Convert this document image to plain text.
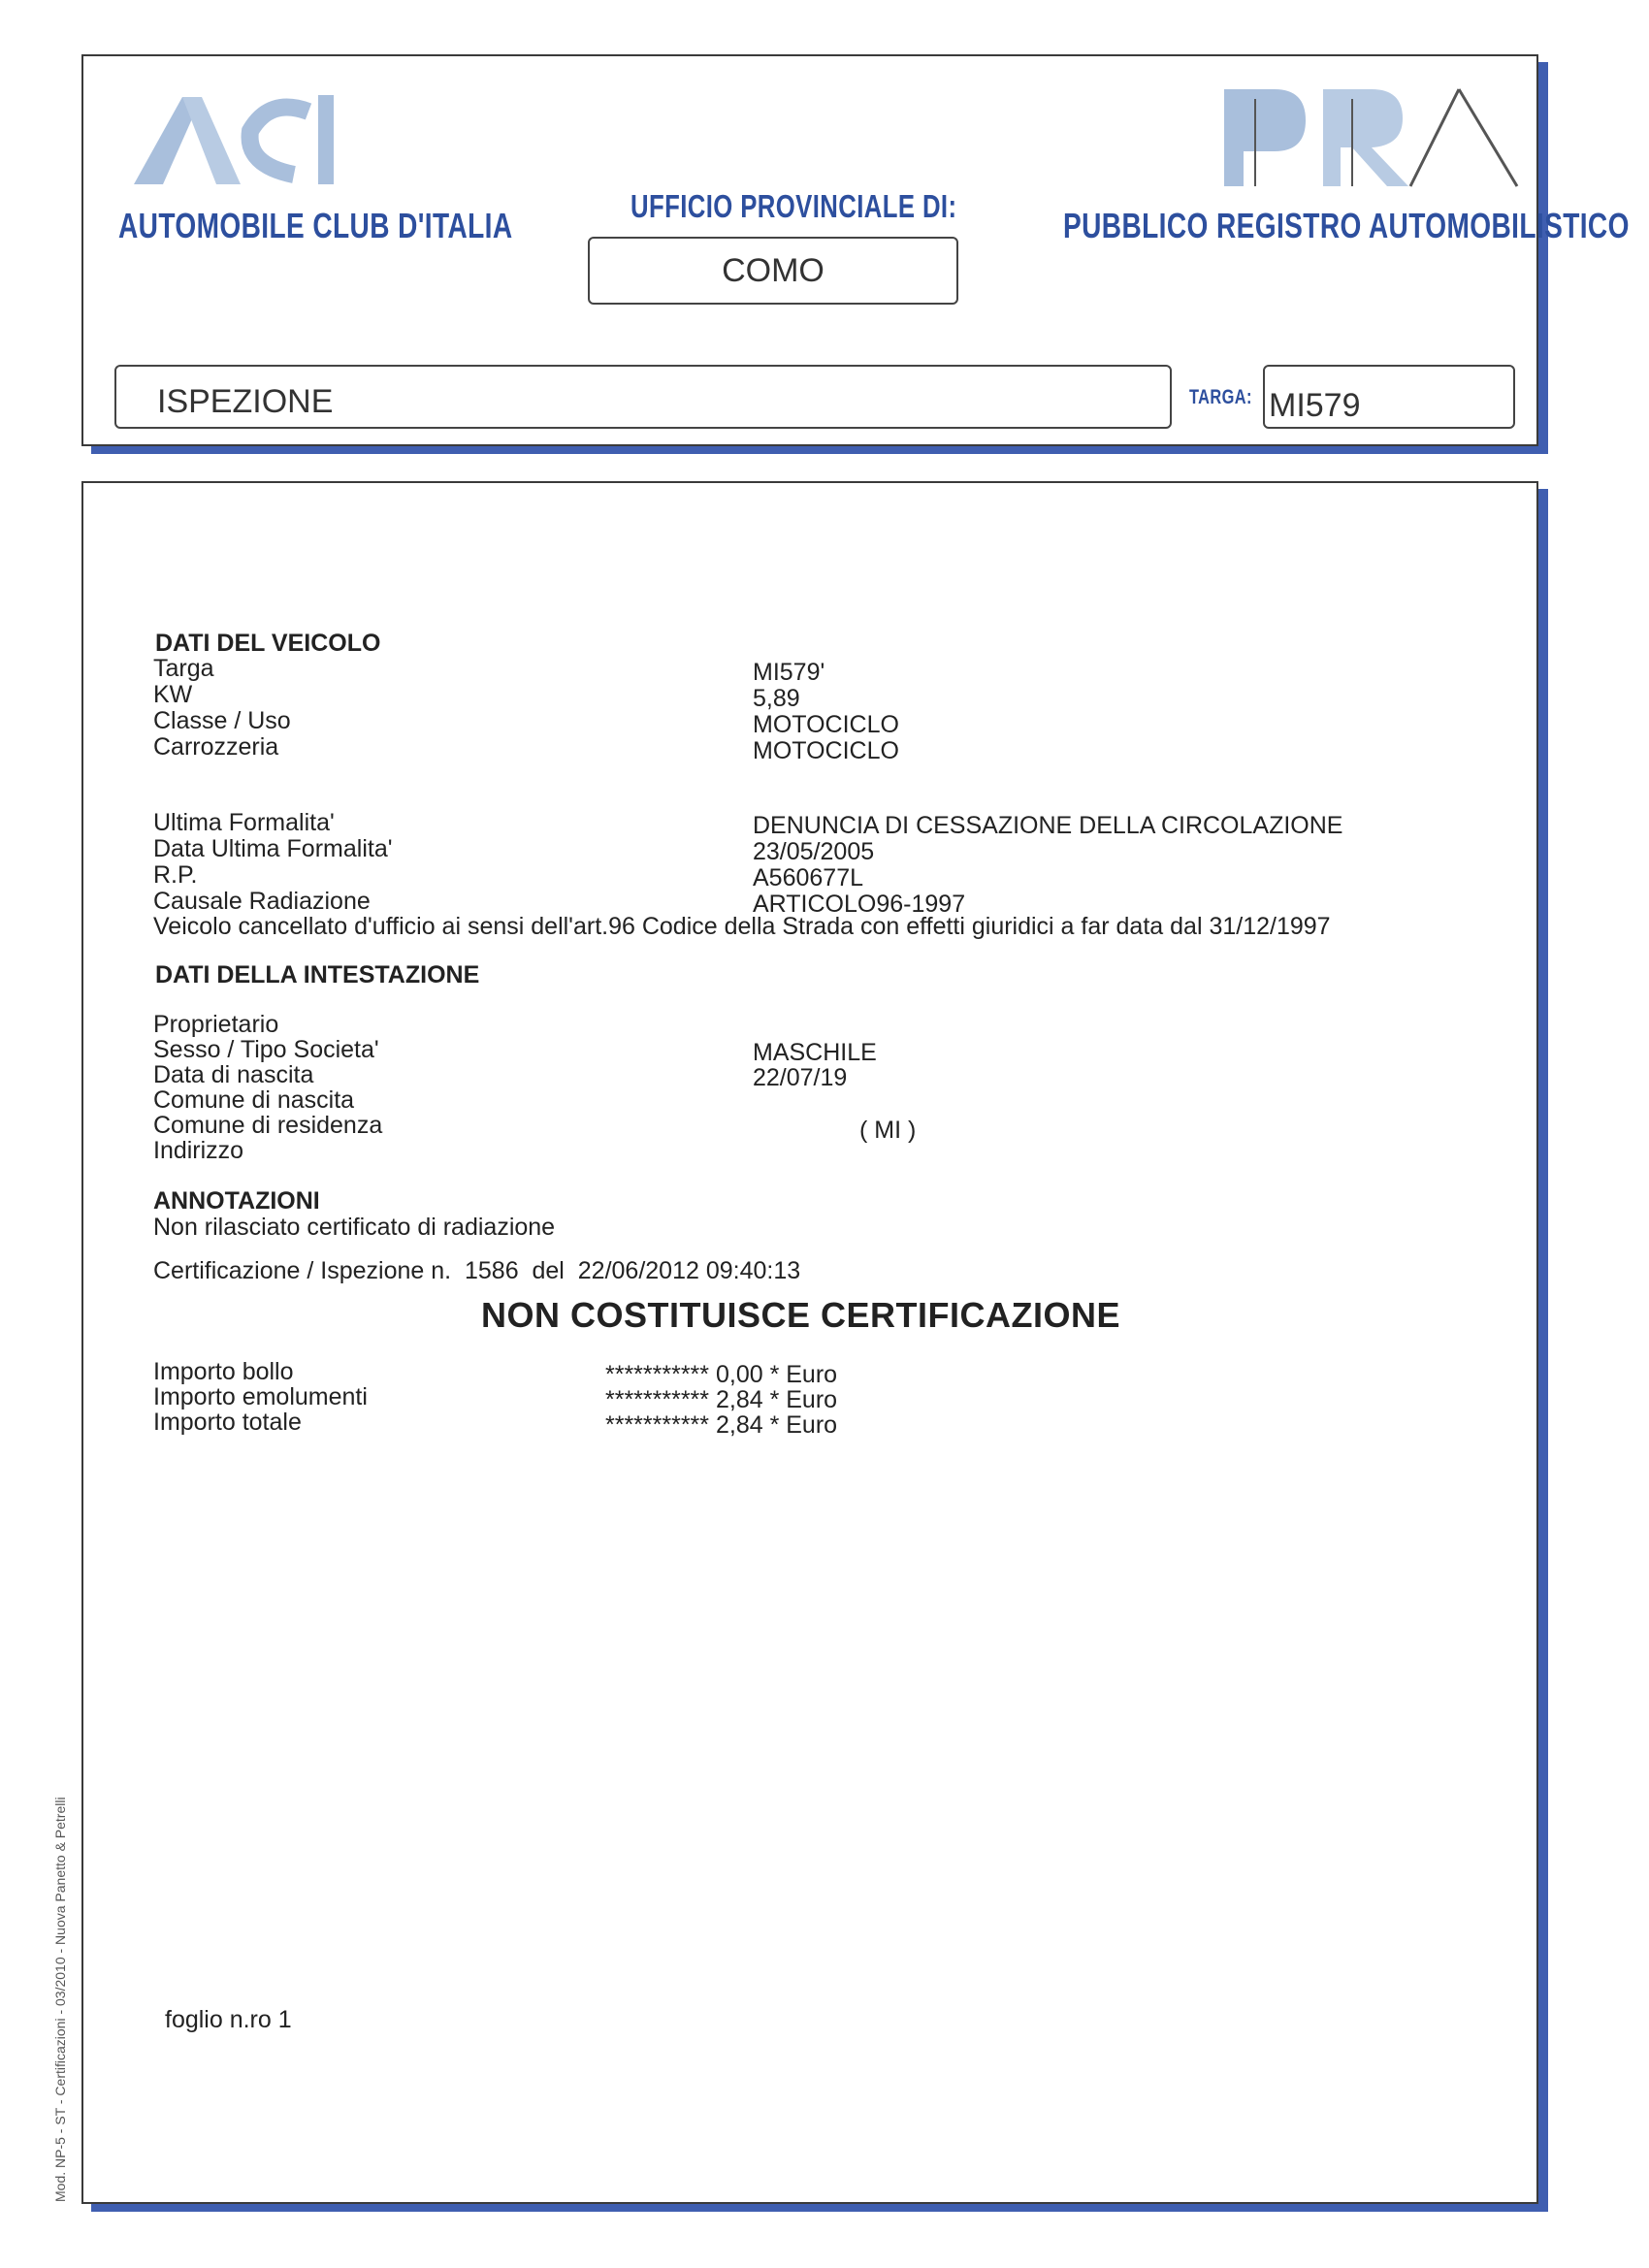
AUTOMOBILE CLUB D'ITALIA	UFFICIO PROVINCIALE DI:
COMO
PUBBLICO REGISTRO AUTOMOBILISTICO
ISPEZIONE	TARGA: MI579
DATI DEL VEICOLO
Targa
KW
Classe / Uso
Carrozzeria
MI579'
5,89
MOTOCICLO
MOTOCICLO
Ultima Formalita'
Data Ultima Formalita'
R.P.
Causale Radiazione
DENUNCIA DI CESSAZIONE DELLA CIRCOLAZIONE
23/05/2005
A560677L
ARTICOLO96-1997
Veicolo cancellato d'ufficio ai sensi dell'art.96 Codice della Strada con effetti giuridici a far data dal 31/12/1997
DATI DELLA INTESTAZIONE
Proprietario
Sesso / Tipo Societa'
Data di nascita
Comune di nascita
Comune di residenza
Indirizzo
MASCHILE
22/07/19
( MI )
ANNOTAZIONI
Non rilasciato certificato di radiazione
Certificazione / Ispezione n.  1586  del  22/06/2012 09:40:13
NON COSTITUISCE CERTIFICAZIONE
Importo bollo
Importo emolumenti
Importo totale
*********** 0,00 * Euro
*********** 2,84 * Euro
*********** 2,84 * Euro
foglio n.ro 1
Mod. NP-5 - ST - Certificazioni - 03/2010 - Nuova Panetto & Petrelli
